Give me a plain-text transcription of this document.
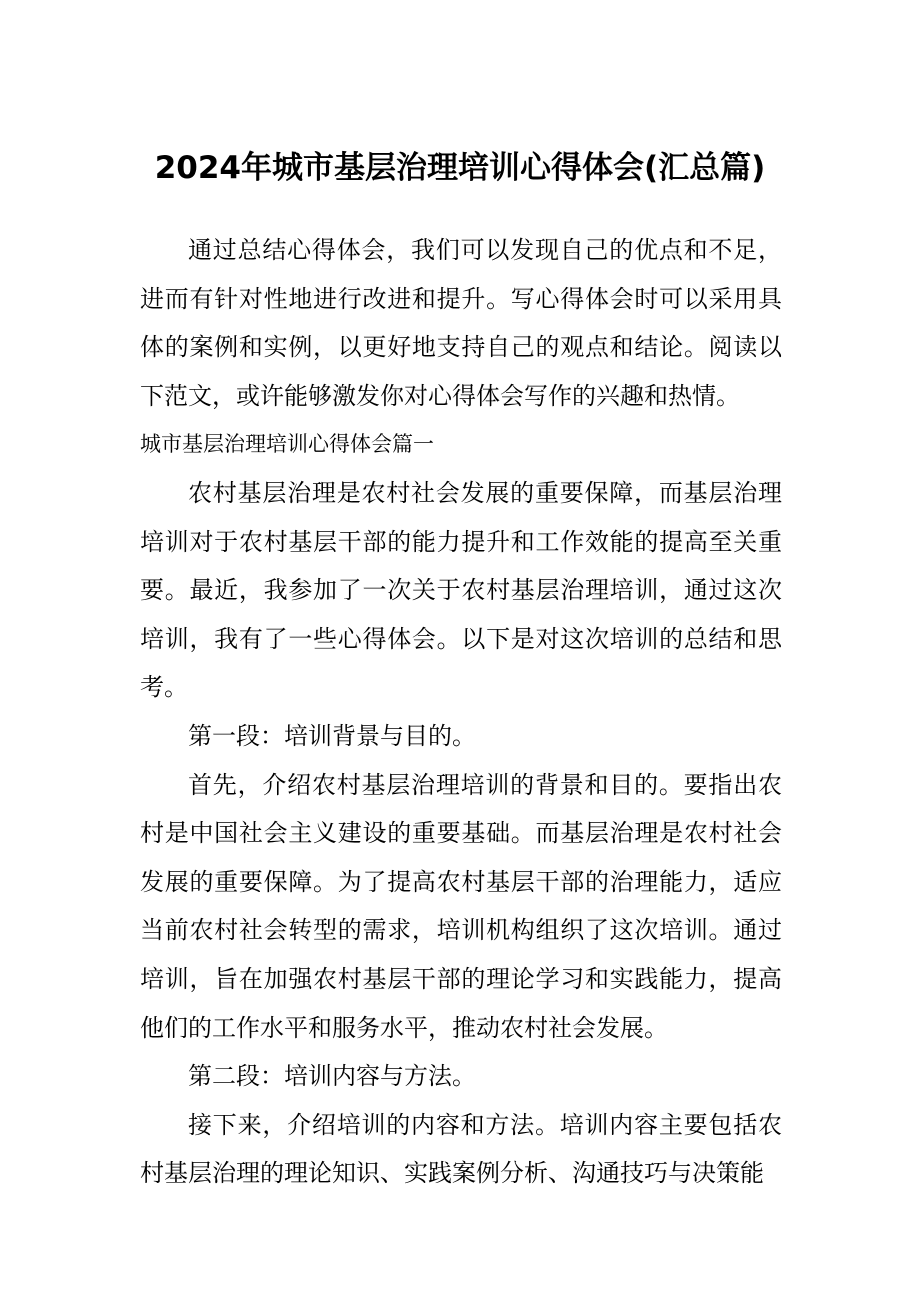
2024年城市基层治理培训心得体会(汇总篇)

通过总结心得体会，我们可以发现自己的优点和不足，进而有针对性地进行改进和提升。写心得体会时可以采用具体的案例和实例，以更好地支持自己的观点和结论。阅读以下范文，或许能够激发你对心得体会写作的兴趣和热情。

城市基层治理培训心得体会篇一

农村基层治理是农村社会发展的重要保障，而基层治理培训对于农村基层干部的能力提升和工作效能的提高至关重要。最近，我参加了一次关于农村基层治理培训，通过这次培训，我有了一些心得体会。以下是对这次培训的总结和思考。

第一段：培训背景与目的。

首先，介绍农村基层治理培训的背景和目的。要指出农村是中国社会主义建设的重要基础。而基层治理是农村社会发展的重要保障。为了提高农村基层干部的治理能力，适应当前农村社会转型的需求，培训机构组织了这次培训。通过培训，旨在加强农村基层干部的理论学习和实践能力，提高他们的工作水平和服务水平，推动农村社会发展。

第二段：培训内容与方法。

接下来，介绍培训的内容和方法。培训内容主要包括农村基层治理的理论知识、实践案例分析、沟通技巧与决策能
